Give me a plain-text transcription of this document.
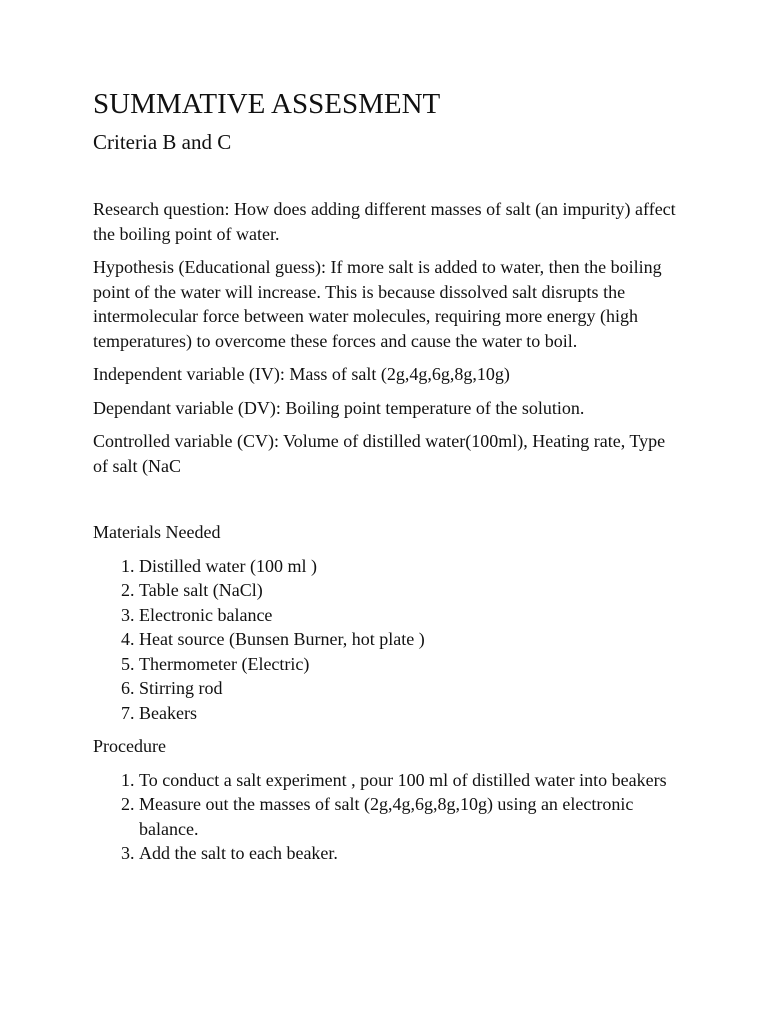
SUMMATIVE ASSESMENT
Criteria B and C

Research question: How does adding different masses of salt (an impurity) affect the boiling point of water.

Hypothesis (Educational guess): If more salt is added to water, then the boiling point of the water will increase. This is because dissolved salt disrupts the intermolecular force between water molecules, requiring more energy (high temperatures) to overcome these forces and cause the water to boil.

Independent variable (IV): Mass of salt (2g,4g,6g,8g,10g)

Dependant variable (DV): Boiling point temperature of the solution.

Controlled variable (CV): Volume of distilled water(100ml), Heating rate, Type of salt (NaC

Materials Needed

1. Distilled water (100 ml )
2. Table salt (NaCl)
3. Electronic balance
4. Heat source (Bunsen Burner, hot plate )
5. Thermometer (Electric)
6. Stirring rod
7. Beakers

Procedure

1. To conduct a salt experiment , pour 100 ml of distilled water into beakers
2. Measure out the masses of salt (2g,4g,6g,8g,10g) using an electronic balance.
3. Add the salt to each beaker.
